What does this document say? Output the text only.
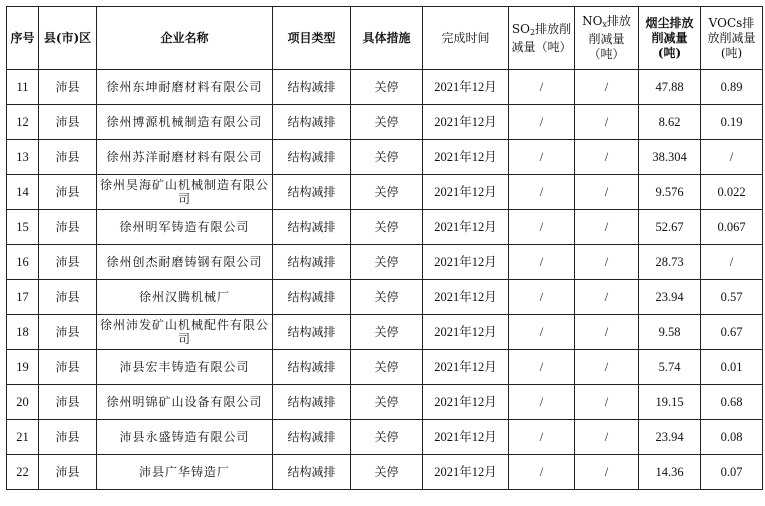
序号	县(市)区	企业名称	项目类型	具体措施	完成时间	$SO_2$排放削减量（吨）	$NO_x$排放削减量（吨）	烟尘排放削减量(吨)	VOCs排放削减量(吨)
11	沛县	徐州东坤耐磨材料有限公司	结构减排	关停	2021年12月	/	/	47.88	0.89
12	沛县	徐州博源机械制造有限公司	结构减排	关停	2021年12月	/	/	8.62	0.19
13	沛县	徐州苏洋耐磨材料有限公司	结构减排	关停	2021年12月	/	/	38.304	/
14	沛县	徐州昊海矿山机械制造有限公司	结构减排	关停	2021年12月	/	/	9.576	0.022
15	沛县	徐州明军铸造有限公司	结构减排	关停	2021年12月	/	/	52.67	0.067
16	沛县	徐州创杰耐磨铸钢有限公司	结构减排	关停	2021年12月	/	/	28.73	/
17	沛县	徐州汉腾机械厂	结构减排	关停	2021年12月	/	/	23.94	0.57
18	沛县	徐州沛发矿山机械配件有限公司	结构减排	关停	2021年12月	/	/	9.58	0.67
19	沛县	沛县宏丰铸造有限公司	结构减排	关停	2021年12月	/	/	5.74	0.01
20	沛县	徐州明锦矿山设备有限公司	结构减排	关停	2021年12月	/	/	19.15	0.68
21	沛县	沛县永盛铸造有限公司	结构减排	关停	2021年12月	/	/	23.94	0.08
22	沛县	沛县广华铸造厂	结构减排	关停	2021年12月	/	/	14.36	0.07
